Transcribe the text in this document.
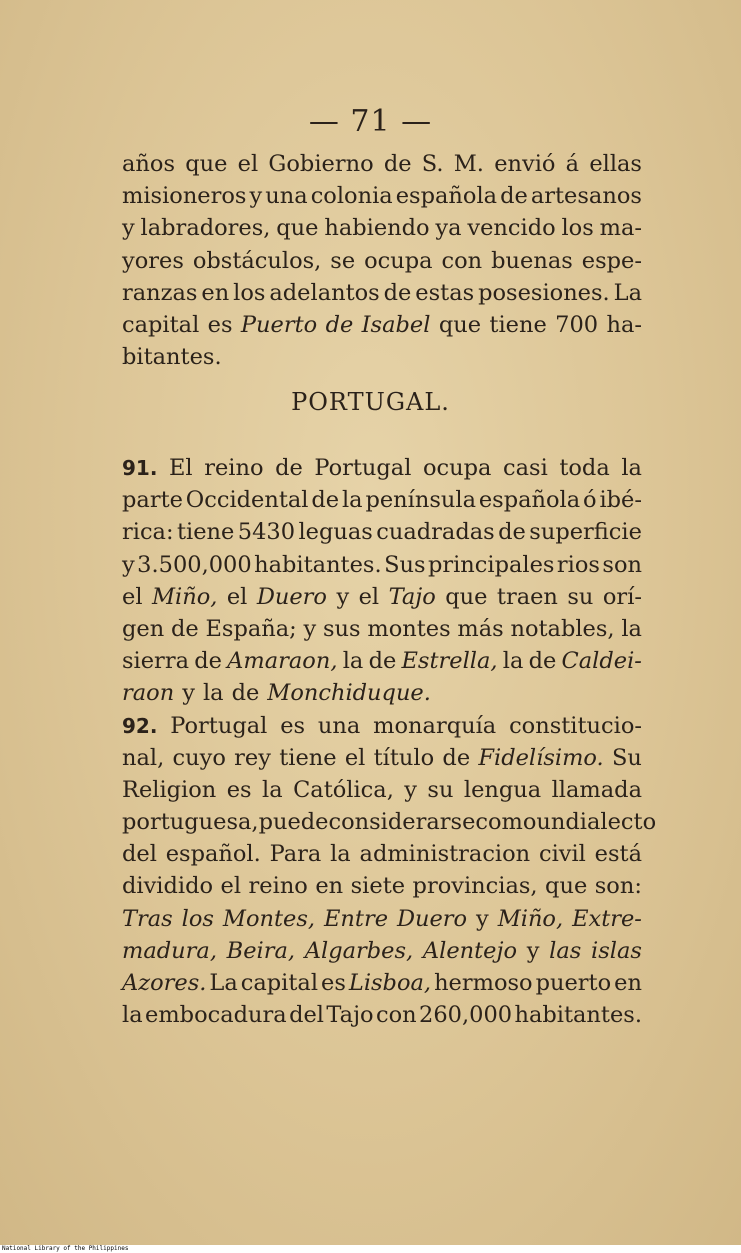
— 71 —
años que el Gobierno de S. M. envió á ellas
misioneros y una colonia española de artesanos
y labradores, que habiendo ya vencido los ma-
yores obstáculos, se ocupa con buenas espe-
ranzas en los adelantos de estas posesiones. La
capital es Puerto de Isabel que tiene 700 ha-
bitantes.
PORTUGAL.
91. El reino de Portugal ocupa casi toda la
parte Occidental de la península española ó ibé-
rica: tiene 5430 leguas cuadradas de superficie
y 3.500,000 habitantes. Sus principales rios son
el Miño, el Duero y el Tajo que traen su orí-
gen de España; y sus montes más notables, la
sierra de Amaraon, la de Estrella, la de Caldei-
raon y la de Monchiduque.
92. Portugal es una monarquía constitucio-
nal, cuyo rey tiene el título de Fidelísimo. Su
Religion es la Católica, y su lengua llamada
portuguesa, puede considerarse como un dialecto
del español. Para la administracion civil está
dividido el reino en siete provincias, que son:
Tras los Montes, Entre Duero y Miño, Extre-
madura, Beira, Algarbes, Alentejo y las islas
Azores. La capital es Lisboa, hermoso puerto en
la embocadura del Tajo con 260,000 habitantes.
National Library of the Philippines
